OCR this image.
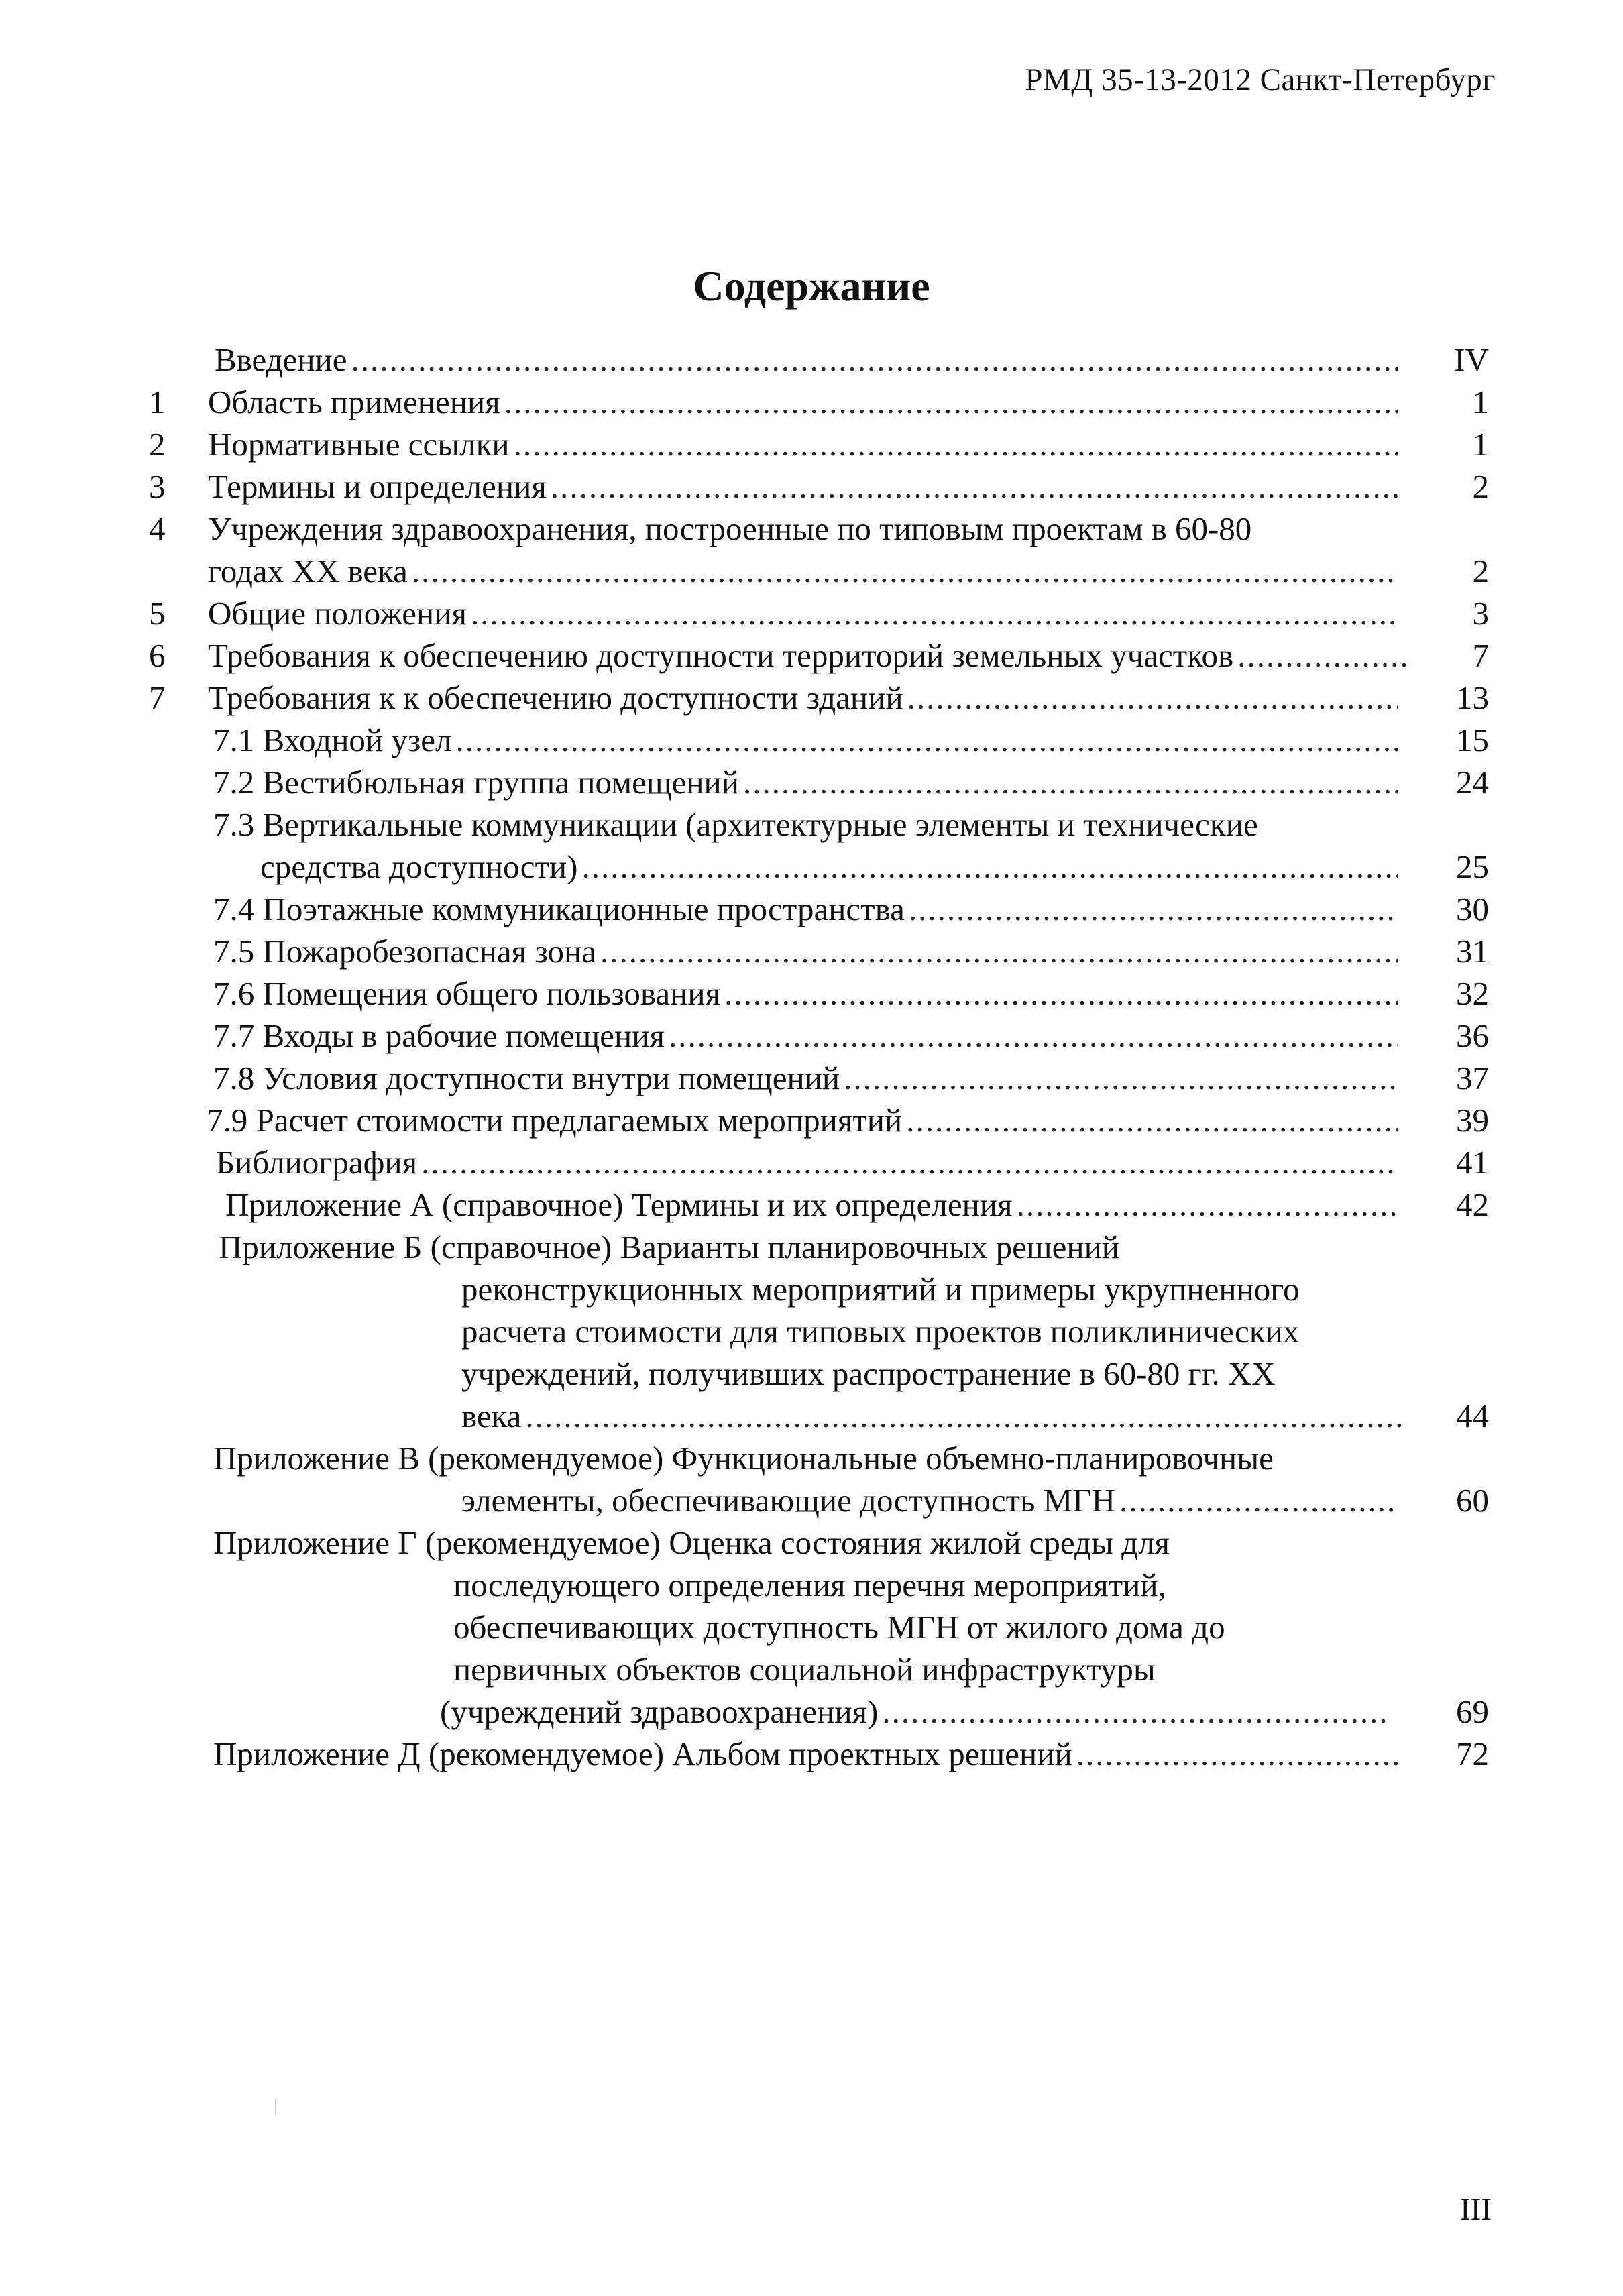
РМД 35-13-2012 Санкт-Петербург
Содержание
Введение .....	IV
1	Область применения .....	1
2	Нормативные ссылки .....	1
3	Термины и определения .....	2
4	Учреждения здравоохранения, построенные по типовым проектам в 60-80
годах XX века .....	2
5	Общие положения .....	3
6	Требования к обеспечению доступности территорий земельных участков .....	7
7	Требования к к обеспечению доступности зданий .....	13
7.1 Входной узел .....	15
7.2 Вестибюльная группа помещений .....	24
7.3 Вертикальные коммуникации (архитектурные элементы и технические
средства доступности) .....	25
7.4 Поэтажные коммуникационные пространства .....	30
7.5 Пожаробезопасная зона .....	31
7.6 Помещения общего пользования .....	32
7.7 Входы в рабочие помещения .....	36
7.8 Условия доступности внутри помещений .....	37
7.9 Расчет стоимости предлагаемых мероприятий .....	39
Библиография .....	41
Приложение А (справочное) Термины и их определения .....	42
Приложение Б (справочное) Варианты планировочных решений
реконструкционных мероприятий и примеры укрупненного
расчета стоимости для типовых проектов поликлинических
учреждений, получивших распространение в 60-80 гг. XX
века .....	44
Приложение В (рекомендуемое) Функциональные объемно-планировочные
элементы, обеспечивающие доступность МГН .....	60
Приложение Г (рекомендуемое) Оценка состояния жилой среды для
последующего определения перечня мероприятий,
обеспечивающих доступность МГН от жилого дома до
первичных объектов социальной инфраструктуры
(учреждений здравоохранения) .....	69
Приложение Д (рекомендуемое) Альбом проектных решений .....	72
III
